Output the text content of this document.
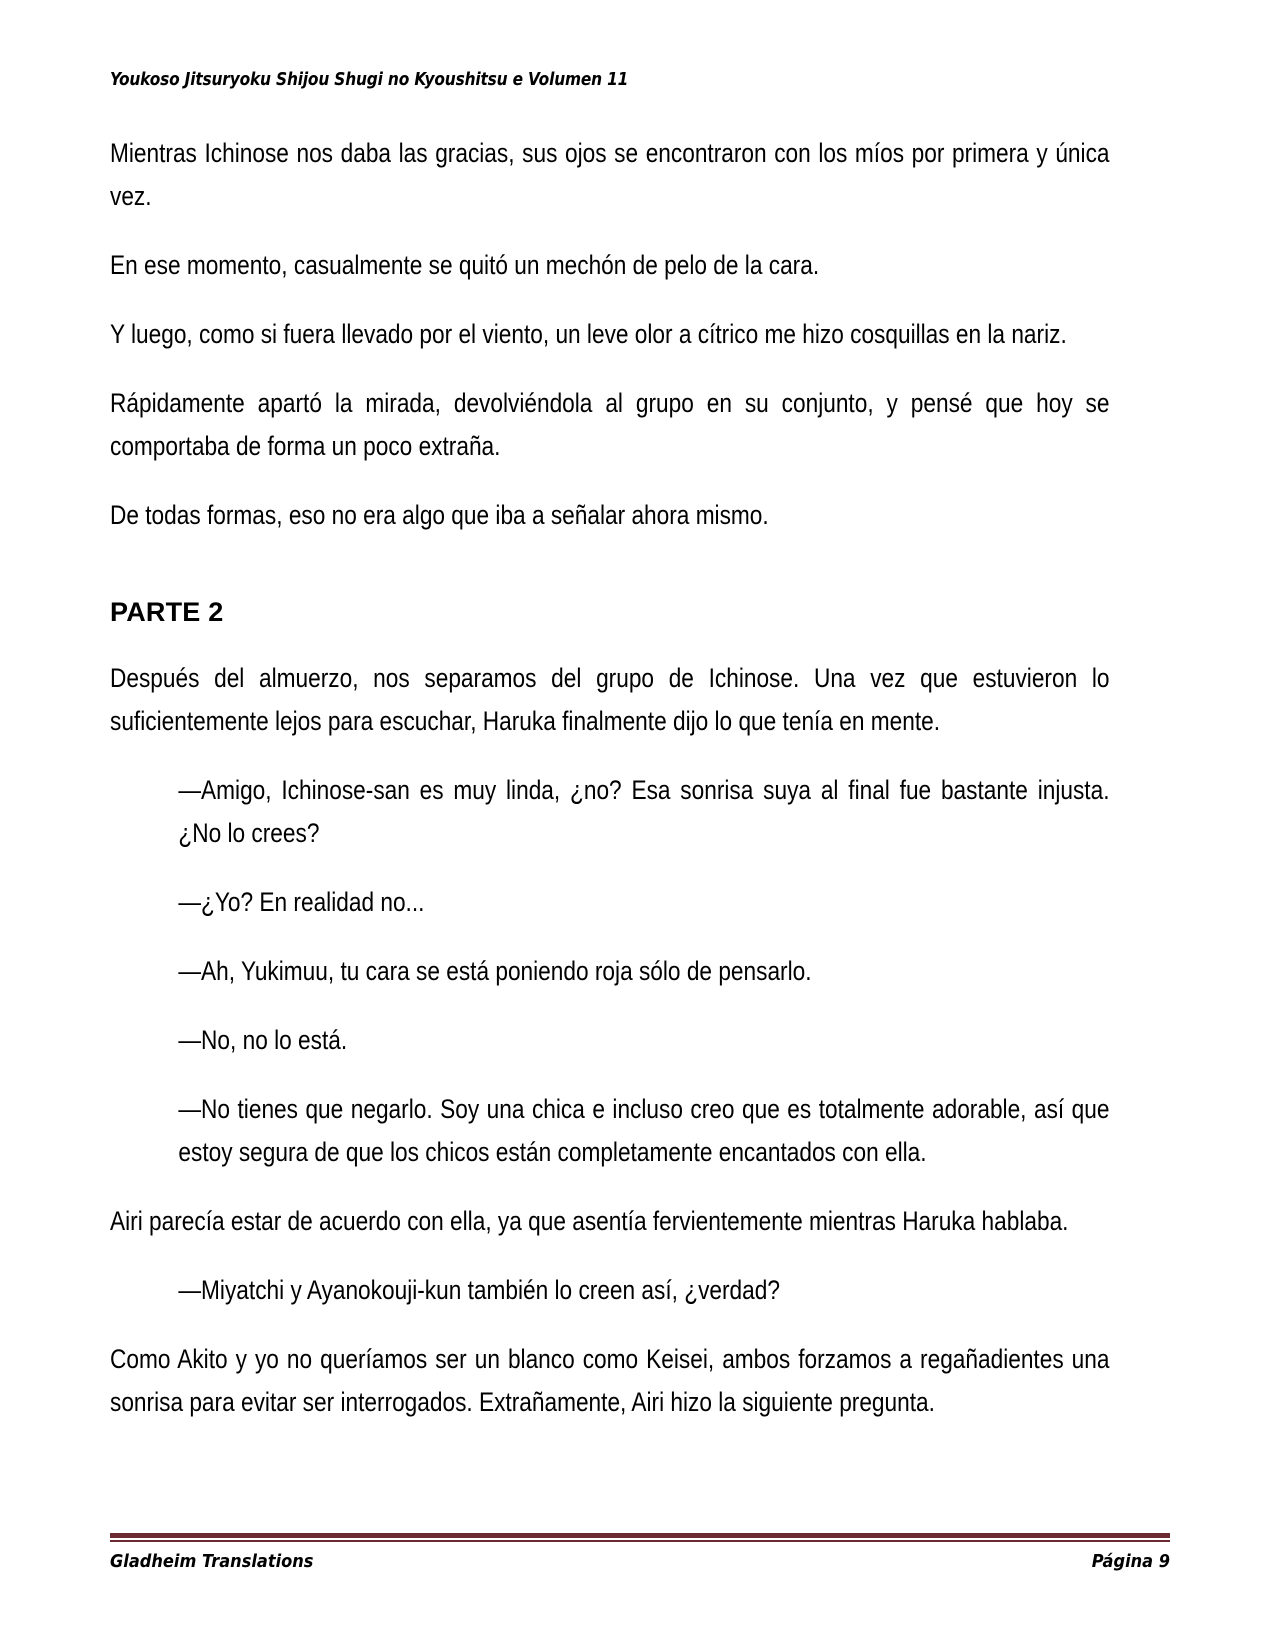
Youkoso Jitsuryoku Shijou Shugi no Kyoushitsu e Volumen 11

Mientras Ichinose nos daba las gracias, sus ojos se encontraron con los míos por primera y única vez.

En ese momento, casualmente se quitó un mechón de pelo de la cara.

Y luego, como si fuera llevado por el viento, un leve olor a cítrico me hizo cosquillas en la nariz.

Rápidamente apartó la mirada, devolviéndola al grupo en su conjunto, y pensé que hoy se comportaba de forma un poco extraña.

De todas formas, eso no era algo que iba a señalar ahora mismo.

PARTE 2

Después del almuerzo, nos separamos del grupo de Ichinose. Una vez que estuvieron lo suficientemente lejos para escuchar, Haruka finalmente dijo lo que tenía en mente.

—Amigo, Ichinose-san es muy linda, ¿no? Esa sonrisa suya al final fue bastante injusta. ¿No lo crees?

—¿Yo? En realidad no...

—Ah, Yukimuu, tu cara se está poniendo roja sólo de pensarlo.

—No, no lo está.

—No tienes que negarlo. Soy una chica e incluso creo que es totalmente adorable, así que estoy segura de que los chicos están completamente encantados con ella.

Airi parecía estar de acuerdo con ella, ya que asentía fervientemente mientras Haruka hablaba.

—Miyatchi y Ayanokouji-kun también lo creen así, ¿verdad?

Como Akito y yo no queríamos ser un blanco como Keisei, ambos forzamos a regañadientes una sonrisa para evitar ser interrogados. Extrañamente, Airi hizo la siguiente pregunta.

Gladheim Translations	Página 9
